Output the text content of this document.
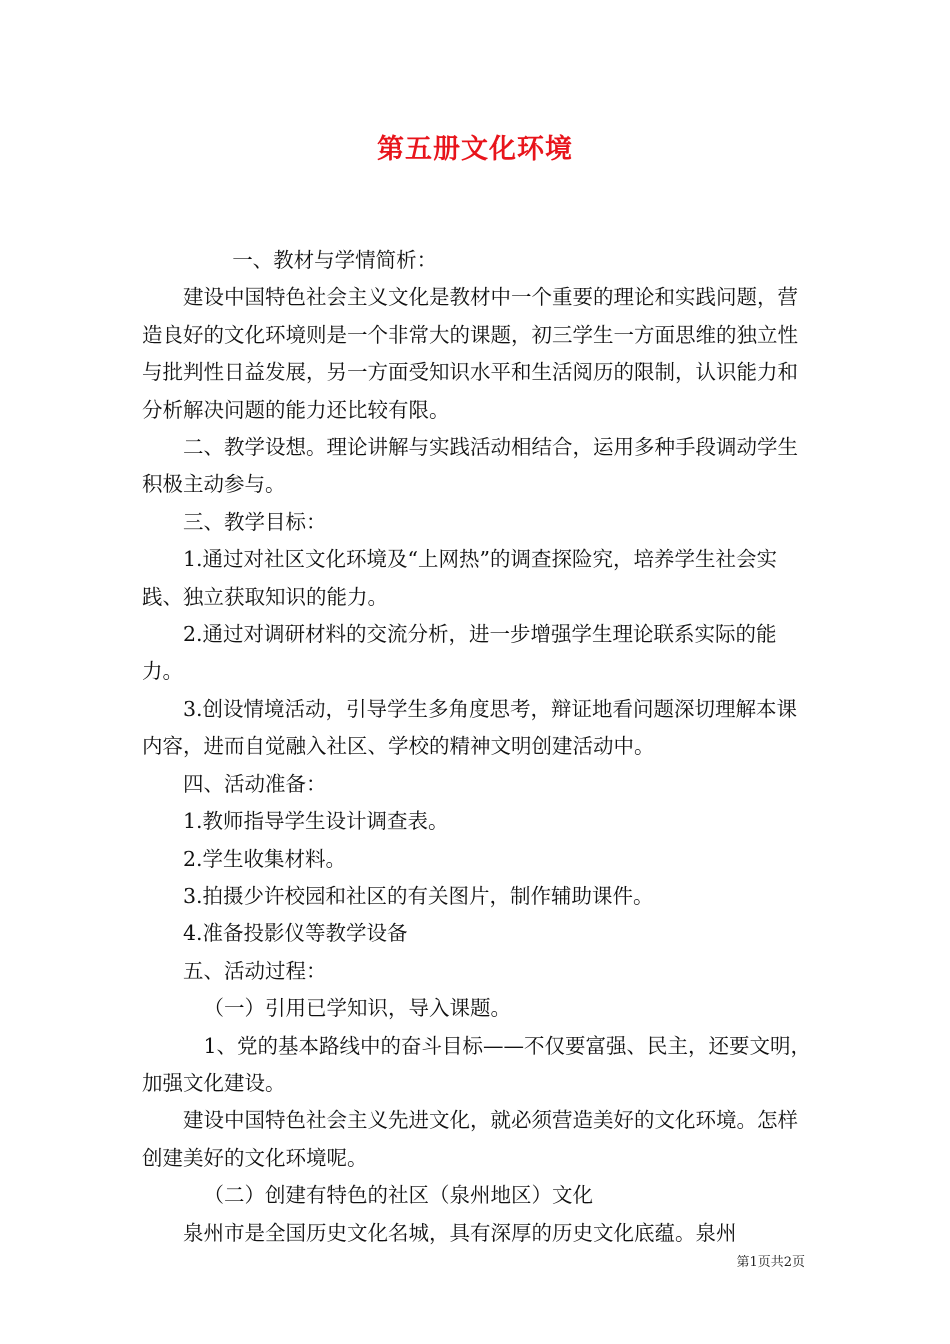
第五册文化环境

一、教材与学情简析：

建设中国特色社会主义文化是教材中一个重要的理论和实践问题，营造良好的文化环境则是一个非常大的课题，初三学生一方面思维的独立性与批判性日益发展，另一方面受知识水平和生活阅历的限制，认识能力和分析解决问题的能力还比较有限。

二、教学设想。理论讲解与实践活动相结合，运用多种手段调动学生积极主动参与。

三、教学目标：

1.通过对社区文化环境及“上网热”的调查探险究，培养学生社会实践、独立获取知识的能力。

2.通过对调研材料的交流分析，进一步增强学生理论联系实际的能力。

3.创设情境活动，引导学生多角度思考，辩证地看问题深切理解本课内容，进而自觉融入社区、学校的精神文明创建活动中。

四、活动准备：

1.教师指导学生设计调查表。

2.学生收集材料。

3.拍摄少许校园和社区的有关图片，制作辅助课件。

4.准备投影仪等教学设备

五、活动过程：

（一）引用已学知识，导入课题。

1、党的基本路线中的奋斗目标——不仅要富强、民主，还要文明，加强文化建设。

建设中国特色社会主义先进文化，就必须营造美好的文化环境。怎样创建美好的文化环境呢。

（二）创建有特色的社区（泉州地区）文化

泉州市是全国历史文化名城，具有深厚的历史文化底蕴。泉州

第1页共2页
